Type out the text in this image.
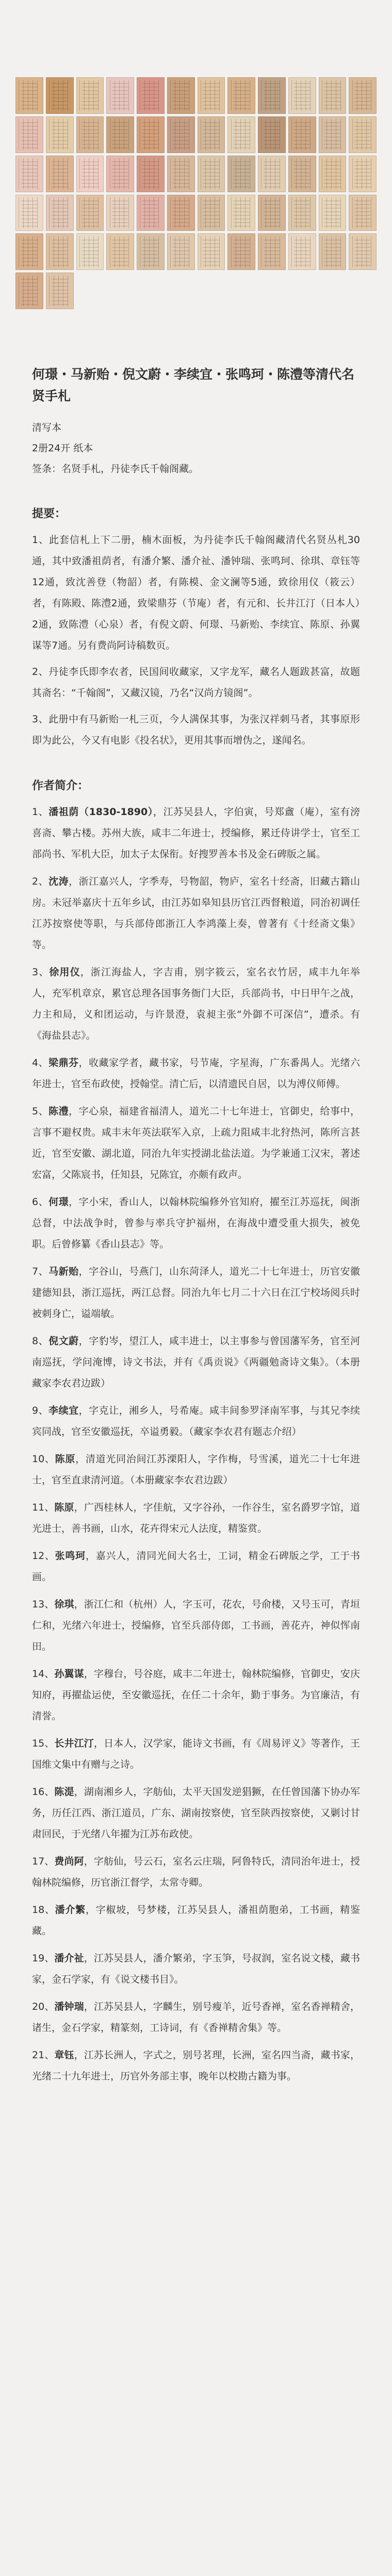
何璟・马新贻・倪文蔚・李续宜・张鸣珂・陈澧等清代名贤手札

清写本

2册24开 纸本

签条：名贤手札，丹徒李氏千翰阁藏。

提要：

1、此套信札上下二册，楠木面板，为丹徒李氏千翰阁藏清代名贤丛札30通，其中致潘祖荫者，有潘介繁、潘介祉、潘钟瑞、张鸣珂、徐琪、章钰等12通，致沈善登（物韶）者，有陈模、金文澜等5通，致徐用仪（筱云）者，有陈殿、陈澧2通，致梁鼎芬（节庵）者，有元和、长井江汀（日本人）2通，致陈澧（心泉）者，有倪文蔚、何璟、马新贻、李续宜、陈原、孙翼谋等7通。另有费尚阿诗稿数页。

2、丹徒李氏即李农者，民国间收藏家，又字龙军，藏名人题跋甚富，故题其斋名：“千翰阁”，又藏汉镜，乃名“汉尚方镜阁”。

3、此册中有马新贻一札三页，今人满保其事，为张汉祥刺马者，其事原形即为此公，今又有电影《投名状》，更用其事而增伪之，遂闻名。

作者简介：

1、潘祖荫（1830-1890），江苏吴县人，字伯寅，号郑盦（庵），室有滂喜斋、攀古楼。苏州大族，咸丰二年进士，授编修，累迁侍讲学士，官至工部尚书、军机大臣，加太子太保衔。好搜罗善本书及金石碑版之属。

2、沈涛，浙江嘉兴人，字季寿，号物韶，物庐，室名十经斋，旧藏古籍山房。未冠举嘉庆十五年乡试，由江苏如皋知县历官江西督粮道，同治初调任江苏按察使等职，与兵部侍郎浙江人李鸿藻上奏，曾著有《十经斋文集》等。

3、徐用仪，浙江海盐人，字吉甫，别字筱云，室名衣竹居，咸丰九年举人，充军机章京，累官总理各国事务衙门大臣，兵部尚书，中日甲午之战，力主和局，义和团运动，与许景澄，袁昶主张“外御不可深信”，遭杀。有《海盐县志》。

4、梁鼎芬，收藏家学者，藏书家，号节庵，字星海，广东番禺人。光绪六年进士，官至布政使，授翰堂。清亡后，以清遗民自居，以为溥仪师傅。

5、陈澧，字心泉，福建省福清人，道光二十七年进士，官御史，给事中，言事不避权贵。咸丰末年英法联军入京，上疏力阻咸丰北狩热河，陈所言甚近，官至安徽、湖北道，同治九年实授湖北盐法道。为学兼通工汉宋，著述宏富，父陈宸书，任知县，兄陈宜，亦颇有政声。

6、何璟，字小宋，香山人，以翰林院编修外官知府，擢至江苏巡抚，闽浙总督，中法战争时，曾参与率兵守护福州，在海战中遭受重大损失，被免职。后曾修纂《香山县志》等。

7、马新贻，字谷山，号燕门，山东菏泽人，道光二十七年进士，历官安徽建德知县，浙江巡抚，两江总督。同治九年七月二十六日在江宁校场阅兵时被刺身亡，谥端敏。

8、倪文蔚，字豹岑，望江人，咸丰进士，以主事参与曾国藩军务，官至河南巡抚，学问淹博，诗文书法，并有《禹贡说》《两疆勉斋诗文集》。（本册藏家李农君边跋）

9、李续宜，字克让，湘乡人，号希庵。咸丰间参罗泽南军事，与其兄李续宾同战，官至安徽巡抚，卒谥勇毅。（藏家李农君有题志介绍）

10、陈原，清道光同治间江苏溧阳人，字作梅，号雪溪，道光二十七年进士，官至直隶清河道。（本册藏家李农君边跋）

11、陈原，广西桂林人，字佳航，又字谷孙，一作谷生，室名爵罗字馆，道光进士，善书画，山水，花卉得宋元人法度，精鉴赏。

12、张鸣珂，嘉兴人，清同光间大名士，工词，精金石碑版之学，工于书画。

13、徐琪，浙江仁和（杭州）人，字玉可，花农，号俞楼，又号玉可，青垣仁和，光绪六年进士，授编修，官至兵部侍郎，工书画，善花卉，神似恽南田。

14、孙翼谋，字穆台，号谷庭，咸丰二年进士，翰林院编修，官御史，安庆知府，再擢盐运使，至安徽巡抚，在任二十余年，勤于事务。为官廉洁，有清誉。

15、长井江汀，日本人，汉学家，能诗文书画，有《周易评义》等著作，王国维文集中有赠与之诗。

16、陈湜，湖南湘乡人，字舫仙，太平天国发逆猖獗，在任曾国藩下协办军务，历任江西、浙江道员，广东、湖南按察使，官至陕西按察使，又剿讨甘肃回民，于光绪八年擢为江苏布政使。

17、费尚阿，字舫仙，号云石，室名云庄瑞，阿鲁特氏，清同治年进士，授翰林院编修，历官浙江督学，太常寺卿。

18、潘介繁，字椒坡，号梦楼，江苏吴县人，潘祖荫胞弟，工书画，精鉴藏。

19、潘介祉，江苏吴县人，潘介繁弟，字玉笋，号叔润，室名说文楼，藏书家，金石学家，有《说文楼书目》。

20、潘钟瑞，江苏吴县人，字麟生，别号瘦羊，近号香禅，室名香禅精舍，诸生，金石学家，精篆刻，工诗词，有《香禅精舍集》等。

21、章钰，江苏长洲人，字式之，别号茗理，长洲，室名四当斋，藏书家，光绪二十九年进士，历官外务部主事，晚年以校勘古籍为事。
